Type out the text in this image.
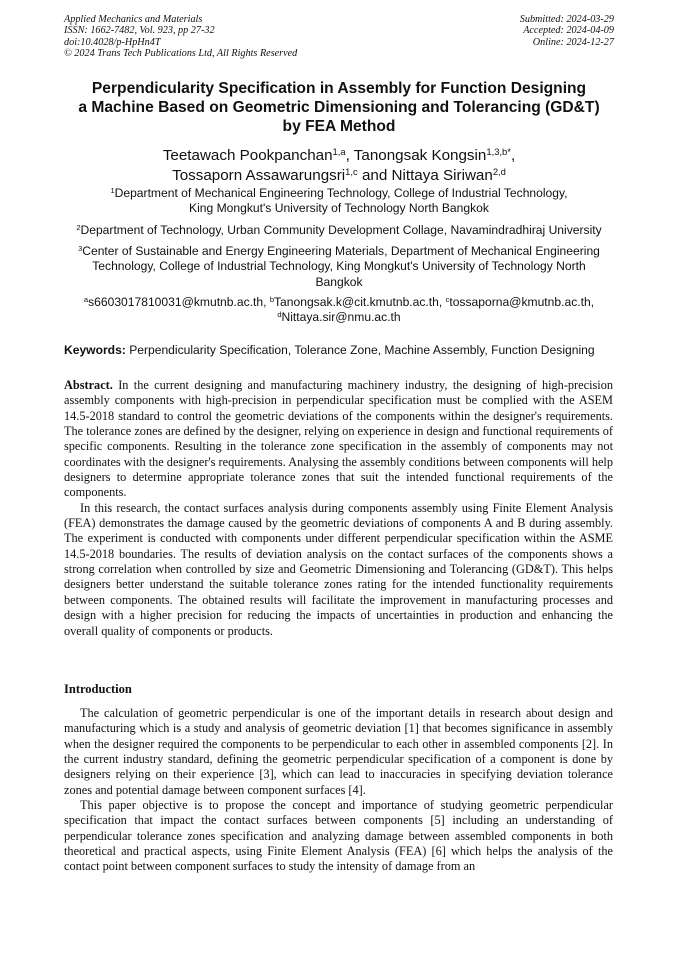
Applied Mechanics and Materials
ISSN: 1662-7482, Vol. 923, pp 27-32
doi:10.4028/p-HpHn4T
© 2024 Trans Tech Publications Ltd, All Rights Reserved
Submitted: 2024-03-29
Accepted: 2024-04-09
Online: 2024-12-27
Perpendicularity Specification in Assembly for Function Designing
a Machine Based on Geometric Dimensioning and Tolerancing (GD&T)
by FEA Method
Teetawach Pookpanchan$^{1,a}$, Tanongsak Kongsin$^{1,3,b*}$,
Tossaporn Assawarungsri$^{1,c}$ and Nittaya Siriwan$^{2,d}$
$^1$Department of Mechanical Engineering Technology, College of Industrial Technology,
King Mongkut's University of Technology North Bangkok
$^2$Department of Technology, Urban Community Development Collage, Navamindradhiraj University
$^3$Center of Sustainable and Energy Engineering Materials, Department of Mechanical Engineering
Technology, College of Industrial Technology, King Mongkut's University of Technology North
Bangkok
$^a$s6603017810031@kmutnb.ac.th, $^b$Tanongsak.k@cit.kmutnb.ac.th, $^c$tossaporna@kmutnb.ac.th,
$^d$Nittaya.sir@nmu.ac.th
Keywords: Perpendicularity Specification, Tolerance Zone, Machine Assembly, Function Designing

Abstract. In the current designing and manufacturing machinery industry, the designing of high-precision assembly components with high-precision in perpendicular specification must be complied with the ASEM 14.5-2018 standard to control the geometric deviations of the components within the designer's requirements. The tolerance zones are defined by the designer, relying on experience in design and functional requirements of specific components. Resulting in the tolerance zone specification in the assembly of components may not coordinates with the designer's requirements. Analysing the assembly conditions between components will help designers to determine appropriate tolerance zones that suit the intended functional requirements of the components.

In this research, the contact surfaces analysis during components assembly using Finite Element Analysis (FEA) demonstrates the damage caused by the geometric deviations of components A and B during assembly. The experiment is conducted with components under different perpendicular specification within the ASME 14.5-2018 boundaries. The results of deviation analysis on the contact surfaces of the components shows a strong correlation when controlled by size and Geometric Dimensioning and Tolerancing (GD&T). This helps designers better understand the suitable tolerance zones rating for the intended functionality requirements between components. The obtained results will facilitate the improvement in manufacturing processes and design with a higher precision for reducing the impacts of uncertainties in production and enhancing the overall quality of components or products.

Introduction

The calculation of geometric perpendicular is one of the important details in research about design and manufacturing which is a study and analysis of geometric deviation [1] that becomes significance in assembly when the designer required the components to be perpendicular to each other in assembled components [2]. In the current industry standard, defining the geometric perpendicular specification of a component is done by designers relying on their experience [3], which can lead to inaccuracies in specifying deviation tolerance zones and potential damage between component surfaces [4].

This paper objective is to propose the concept and importance of studying geometric perpendicular specification that impact the contact surfaces between components [5] including an understanding of perpendicular tolerance zones specification and analyzing damage between assembled components in both theoretical and practical aspects, using Finite Element Analysis (FEA) [6] which helps the analysis of the contact point between component surfaces to study the intensity of damage from an
